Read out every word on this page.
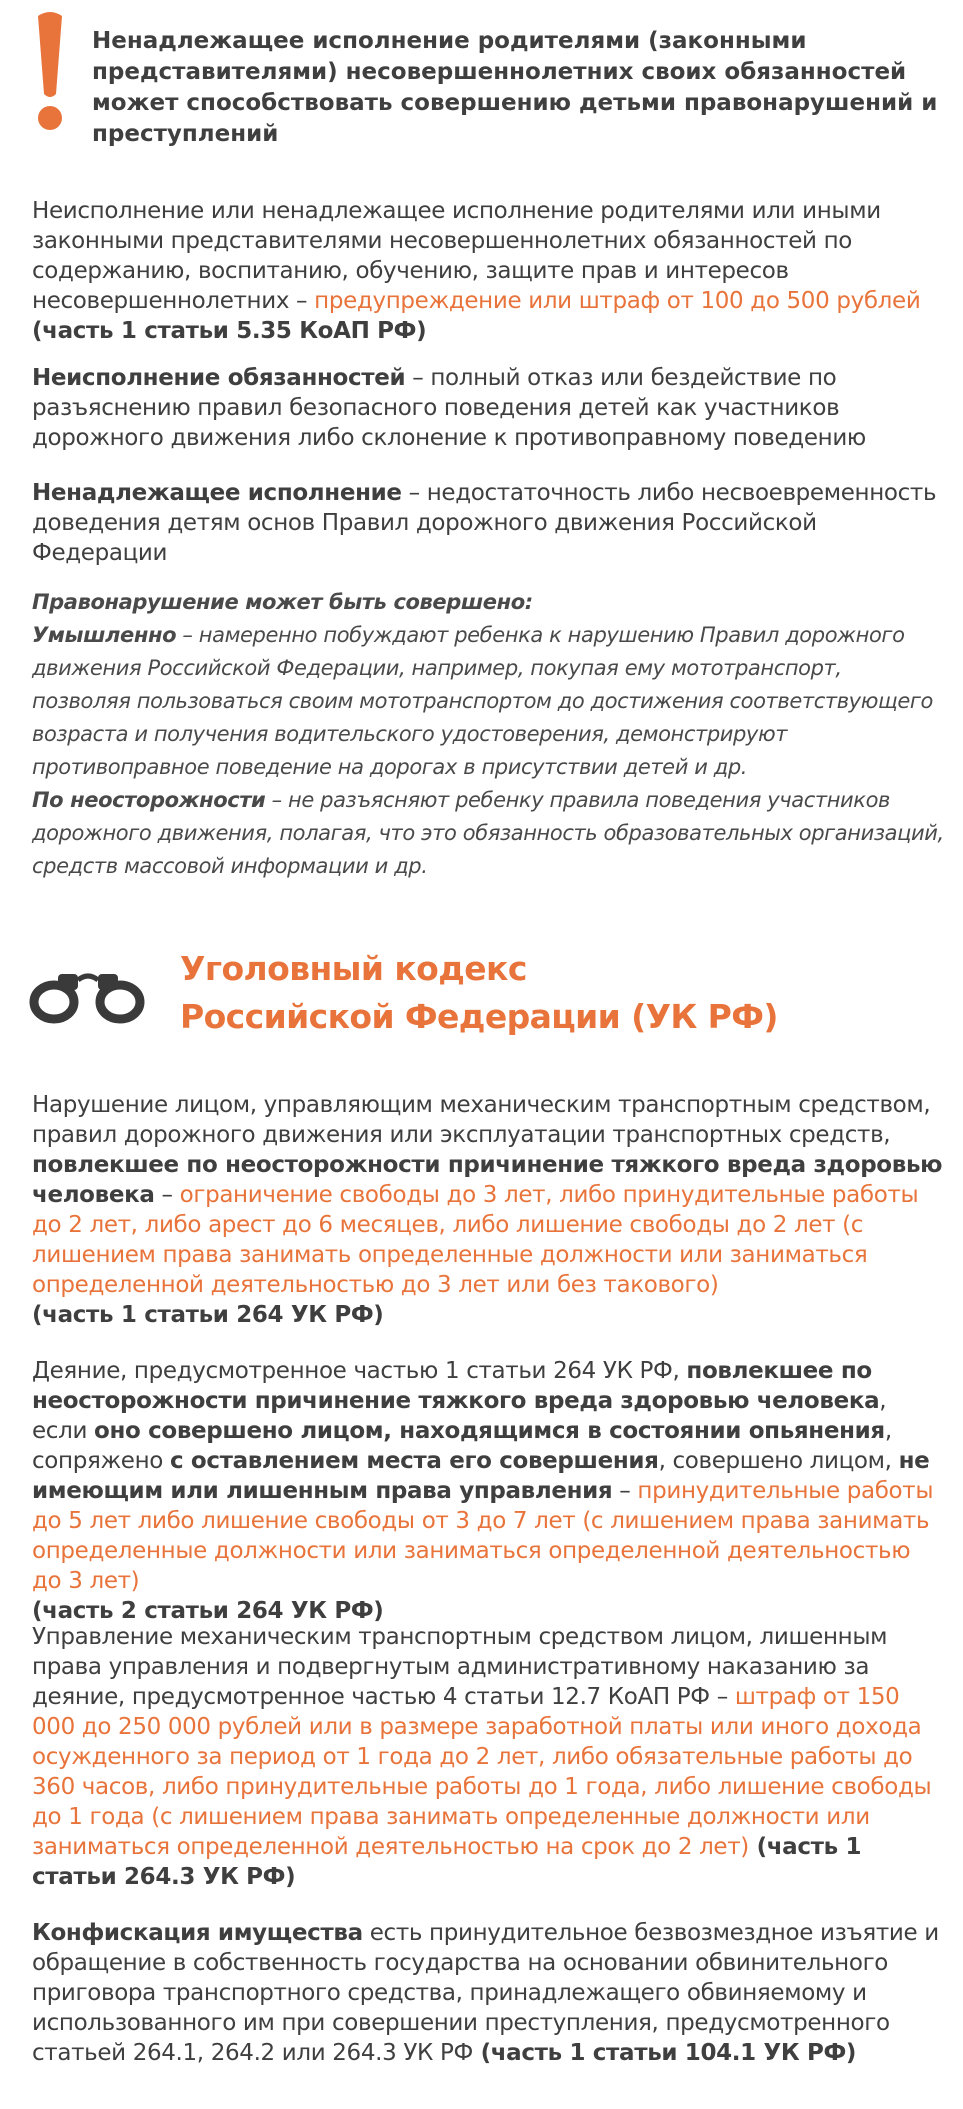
Ненадлежащее исполнение родителями (законными представителями) несовершеннолетних своих обязанностей может способствовать совершению детьми правонарушений и преступлений

Неисполнение или ненадлежащее исполнение родителями или иными законными представителями несовершеннолетних обязанностей по содержанию, воспитанию, обучению, защите прав и интересов несовершеннолетних – предупреждение или штраф от 100 до 500 рублей (часть 1 статьи 5.35 КоАП РФ)

Неисполнение обязанностей – полный отказ или бездействие по разъяснению правил безопасного поведения детей как участников дорожного движения либо склонение к противоправному поведению

Ненадлежащее исполнение – недостаточность либо несвоевременность доведения детям основ Правил дорожного движения Российской Федерации

Правонарушение может быть совершено:

Умышленно – намеренно побуждают ребенка к нарушению Правил дорожного движения Российской Федерации, например, покупая ему мототранспорт, позволяя пользоваться своим мототранспортом до достижения соответствующего возраста и получения водительского удостоверения, демонстрируют противоправное поведение на дорогах в присутствии детей и др.

По неосторожности – не разъясняют ребенку правила поведения участников дорожного движения, полагая, что это обязанность образовательных организаций, средств массовой информации и др.

Уголовный кодекс
Российской Федерации (УК РФ)

Нарушение лицом, управляющим механическим транспортным средством, правил дорожного движения или эксплуатации транспортных средств, повлекшее по неосторожности причинение тяжкого вреда здоровью человека – ограничение свободы до 3 лет, либо принудительные работы до 2 лет, либо арест до 6 месяцев, либо лишение свободы до 2 лет (с лишением права занимать определенные должности или заниматься определенной деятельностью до 3 лет или без такового)
(часть 1 статьи 264 УК РФ)

Деяние, предусмотренное частью 1 статьи 264 УК РФ, повлекшее по неосторожности причинение тяжкого вреда здоровью человека, если оно совершено лицом, находящимся в состоянии опьянения, сопряжено с оставлением места его совершения, совершено лицом, не имеющим или лишенным права управления – принудительные работы до 5 лет либо лишение свободы от 3 до 7 лет (с лишением права занимать определенные должности или заниматься определенной деятельностью до 3 лет)
(часть 2 статьи 264 УК РФ)

Управление механическим транспортным средством лицом, лишенным права управления и подвергнутым административному наказанию за деяние, предусмотренное частью 4 статьи 12.7 КоАП РФ – штраф от 150 000 до 250 000 рублей или в размере заработной платы или иного дохода осужденного за период от 1 года до 2 лет, либо обязательные работы до 360 часов, либо принудительные работы до 1 года, либо лишение свободы до 1 года (с лишением права занимать определенные должности или заниматься определенной деятельностью на срок до 2 лет) (часть 1 статьи 264.3 УК РФ)

Конфискация имущества есть принудительное безвозмездное изъятие и обращение в собственность государства на основании обвинительного приговора транспортного средства, принадлежащего обвиняемому и использованного им при совершении преступления, предусмотренного статьей 264.1, 264.2 или 264.3 УК РФ (часть 1 статьи 104.1 УК РФ)
